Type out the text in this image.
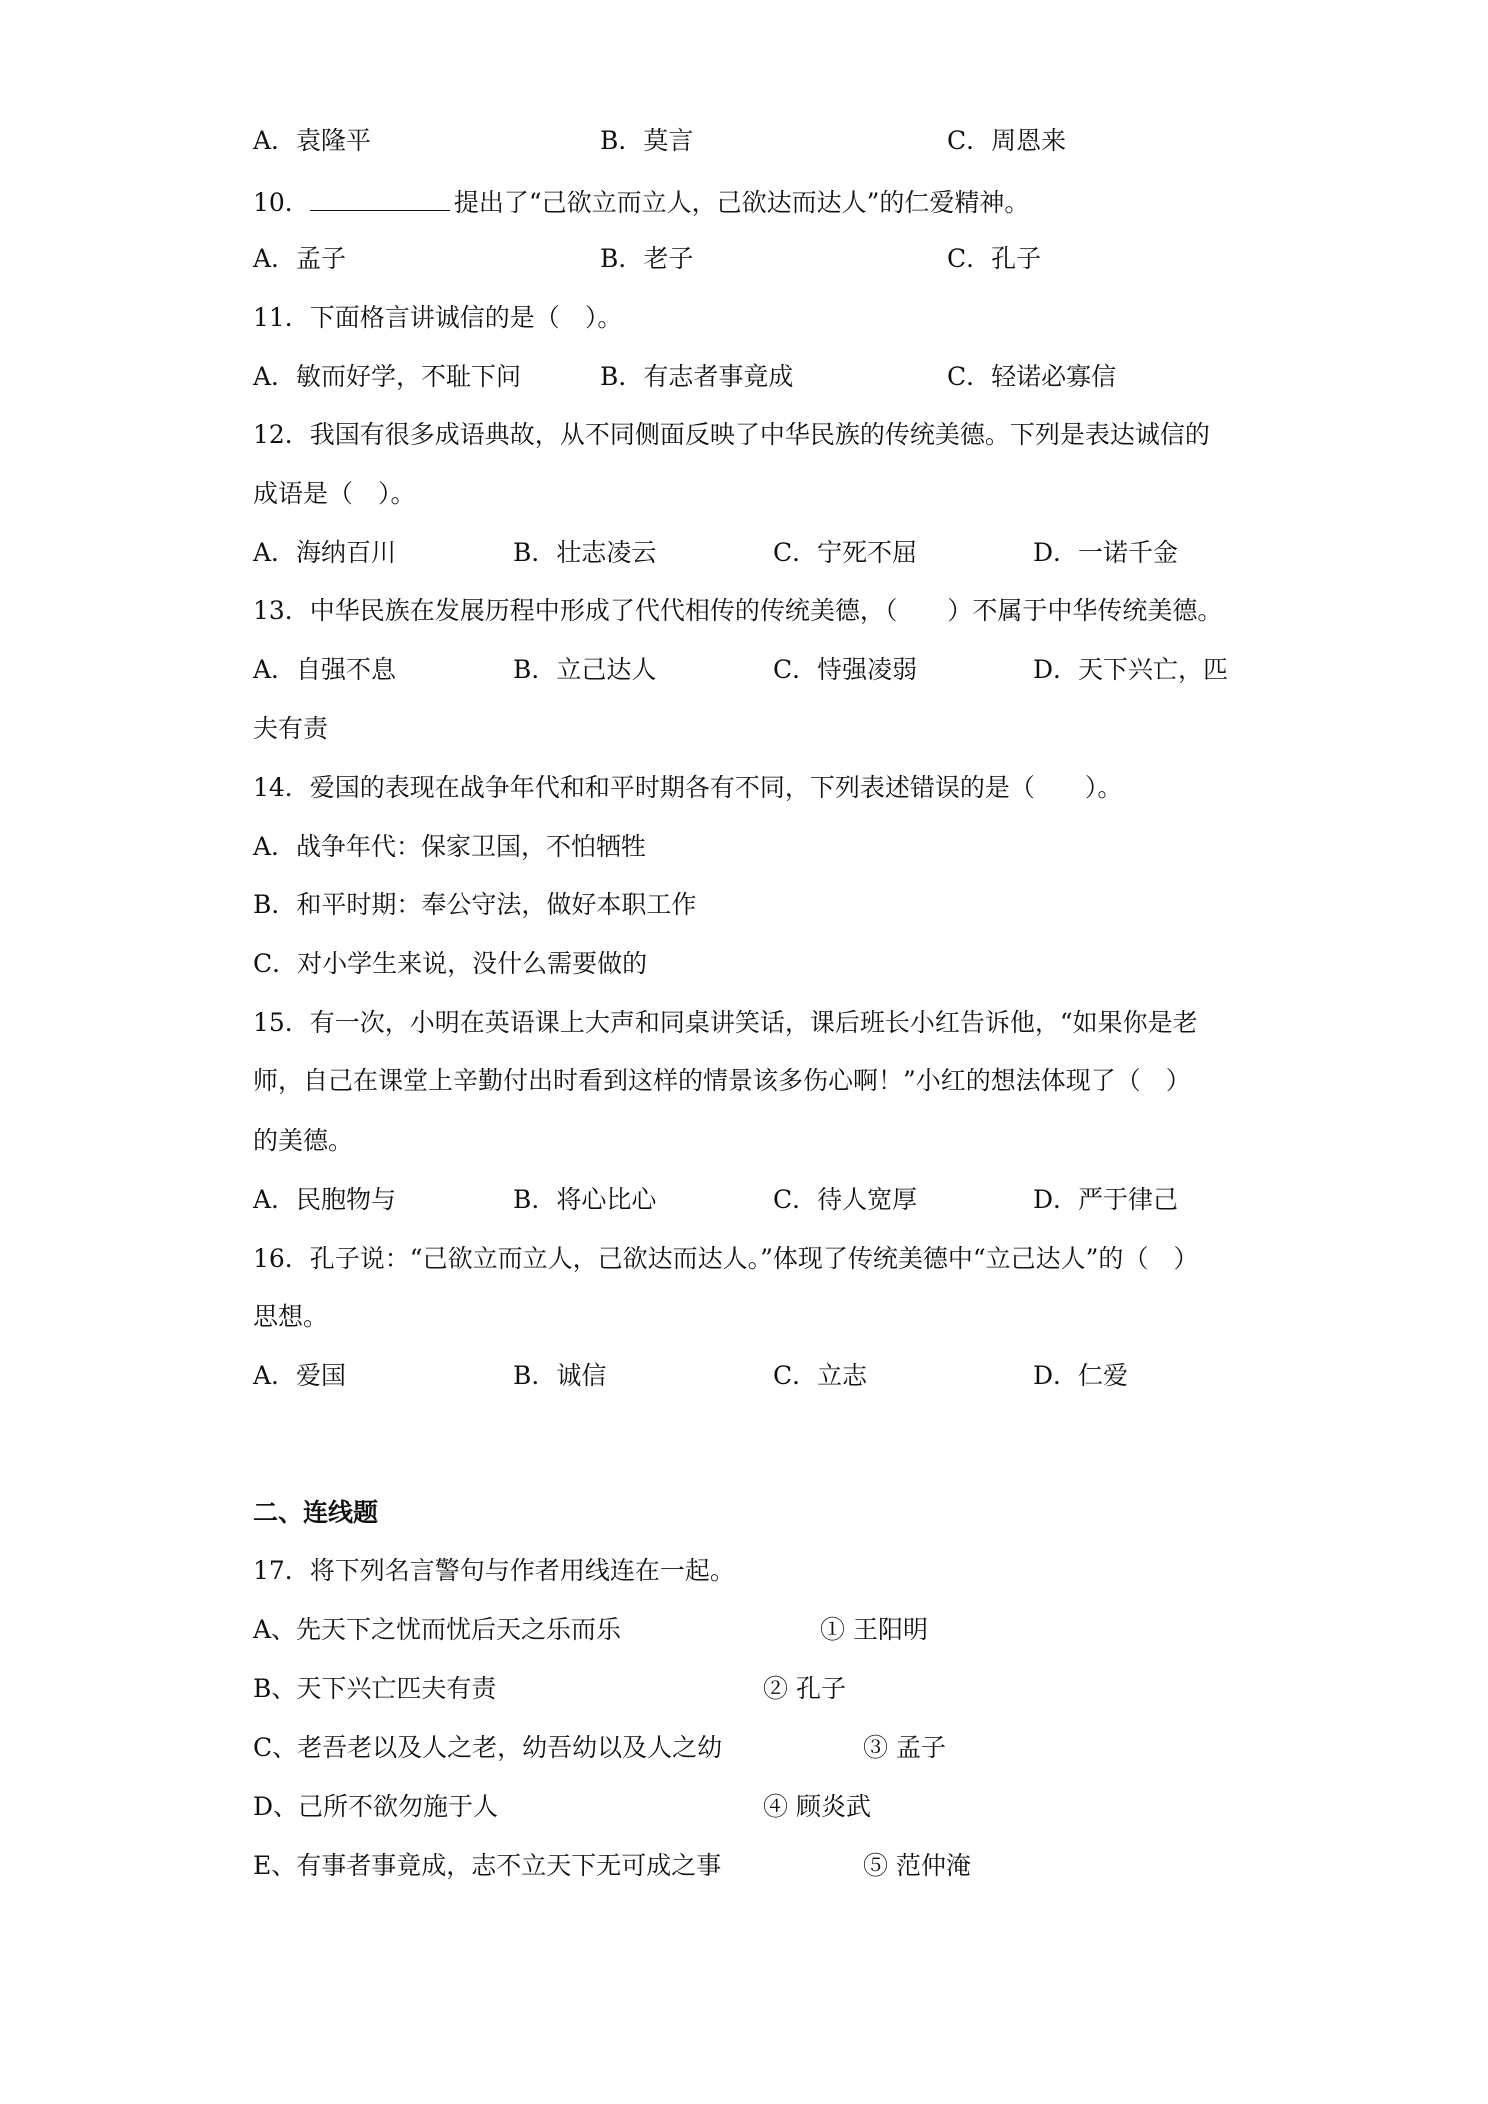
A．袁隆平	B．莫言	C．周恩来
10．	提出了“己欲立而立人，己欲达而达人”的仁爱精神。
A．孟子	B．老子	C．孔子
11．下面格言讲诚信的是（　）。
A．敏而好学，不耻下问	B．有志者事竟成	C．轻诺必寡信
12．我国有很多成语典故，从不同侧面反映了中华民族的传统美德。下列是表达诚信的
成语是（　）。
A．海纳百川	B．壮志凌云	C．宁死不屈	D．一诺千金
13．中华民族在发展历程中形成了代代相传的传统美德，（　　）不属于中华传统美德。
A．自强不息	B．立己达人	C．恃强凌弱	D．天下兴亡，匹
夫有责
14．爱国的表现在战争年代和和平时期各有不同，下列表述错误的是（　　）。
A．战争年代：保家卫国，不怕牺牲
B．和平时期：奉公守法，做好本职工作
C．对小学生来说，没什么需要做的
15．有一次，小明在英语课上大声和同桌讲笑话，课后班长小红告诉他，“如果你是老
师，自己在课堂上辛勤付出时看到这样的情景该多伤心啊！”小红的想法体现了（　）
的美德。
A．民胞物与	B．将心比心	C．待人宽厚	D．严于律己
16．孔子说：“己欲立而立人，己欲达而达人。”体现了传统美德中“立己达人”的（　）
思想。
A．爱国	B．诚信	C．立志	D．仁爱
二、连线题
17．将下列名言警句与作者用线连在一起。
A、先天下之忧而忧后天之乐而乐	① 王阳明
B、天下兴亡匹夫有责	② 孔子
C、老吾老以及人之老，幼吾幼以及人之幼	③ 孟子
D、己所不欲勿施于人	④ 顾炎武
E、有事者事竟成，志不立天下无可成之事	⑤ 范仲淹
